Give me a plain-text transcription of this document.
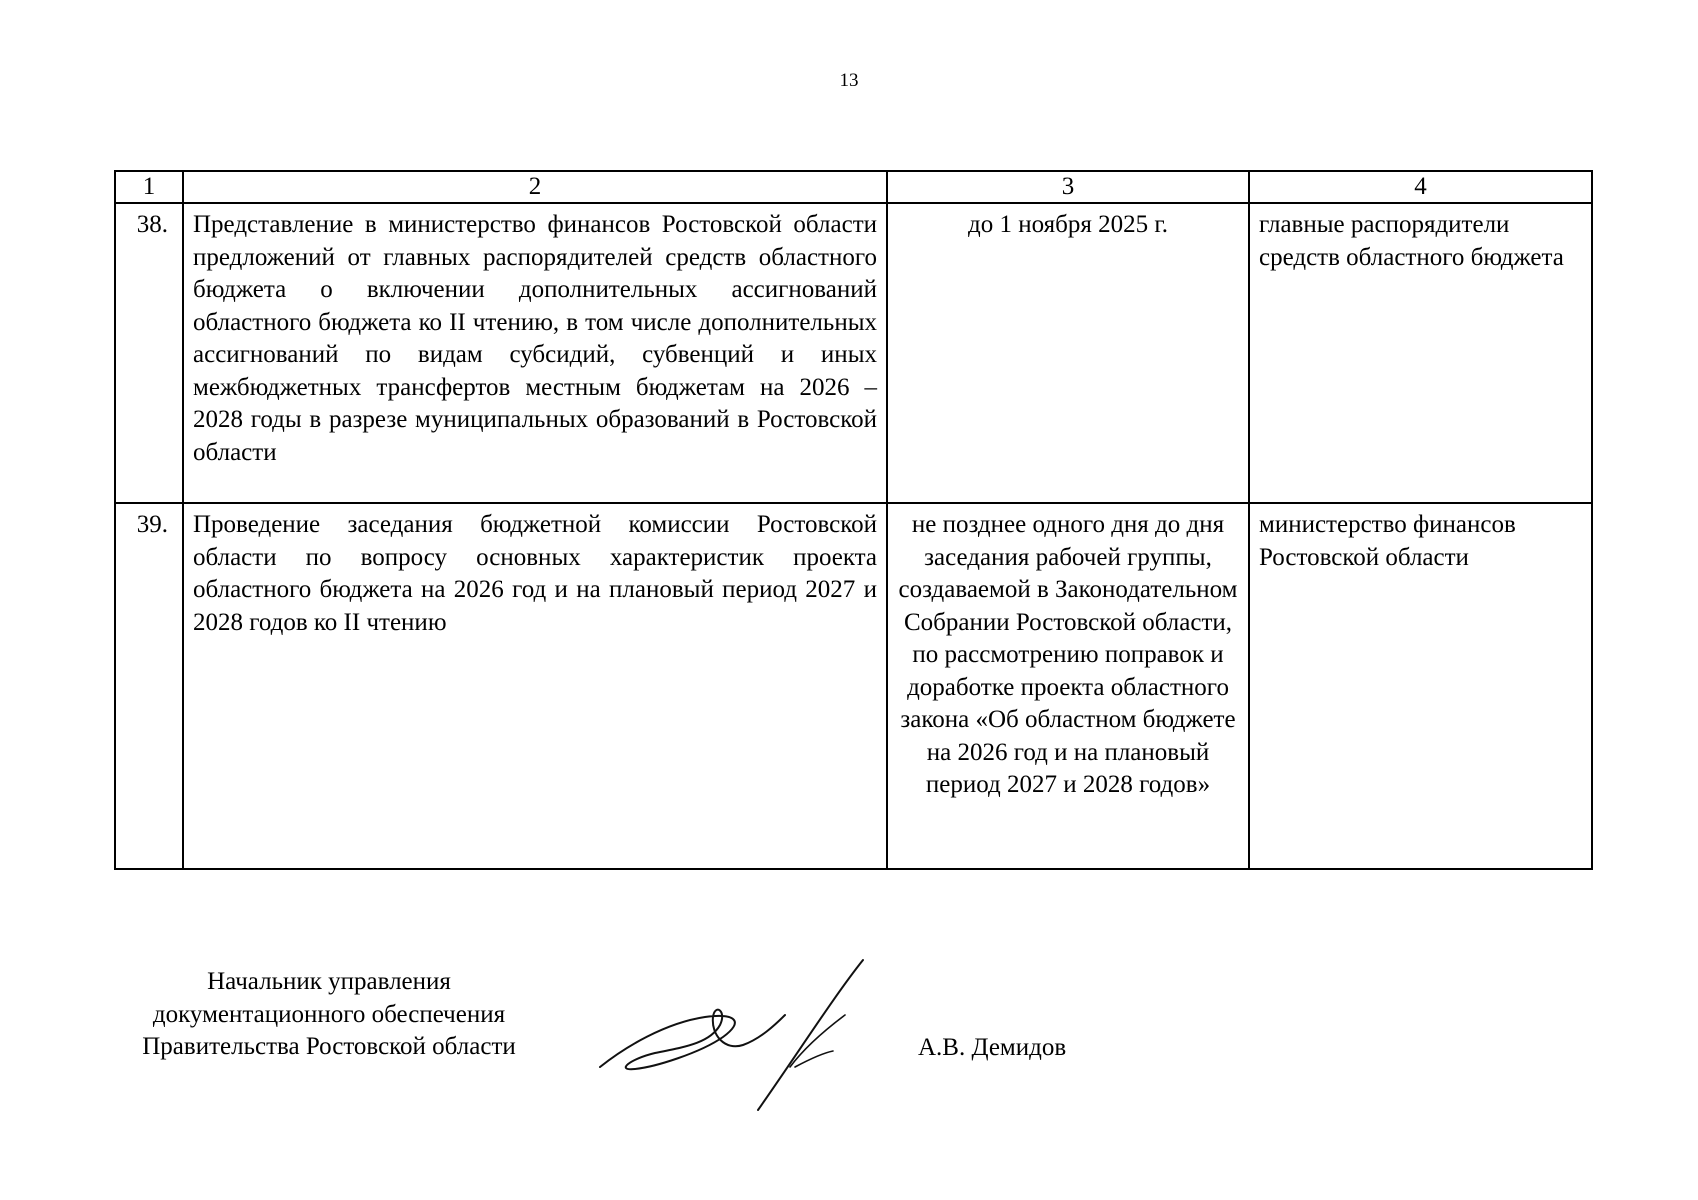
13
1	2	3	4
38.	Представление в министерство финансов Ростовской области предложений от главных распорядителей средств областного бюджета о включении дополнительных ассигнований областного бюджета ко II чтению, в том числе дополнительных ассигнований по видам субсидий, субвенций и иных межбюджетных трансфертов местным бюджетам на 2026 – 2028 годы в разрезе муниципальных образований в Ростовской области	до 1 ноября 2025 г.	главные распорядители средств областного бюджета
39.	Проведение заседания бюджетной комиссии Ростовской области по вопросу основных характеристик проекта областного бюджета на 2026 год и на плановый период 2027 и 2028 годов ко II чтению	не позднее одного дня до дня заседания рабочей группы, создаваемой в Законодательном Собрании Ростовской области, по рассмотрению поправок и доработке проекта областного закона «Об областном бюджете на 2026 год и на плановый период 2027 и 2028 годов»	министерство финансов Ростовской области
Начальник управления
документационного обеспечения
Правительства Ростовской области	А.В. Демидов
